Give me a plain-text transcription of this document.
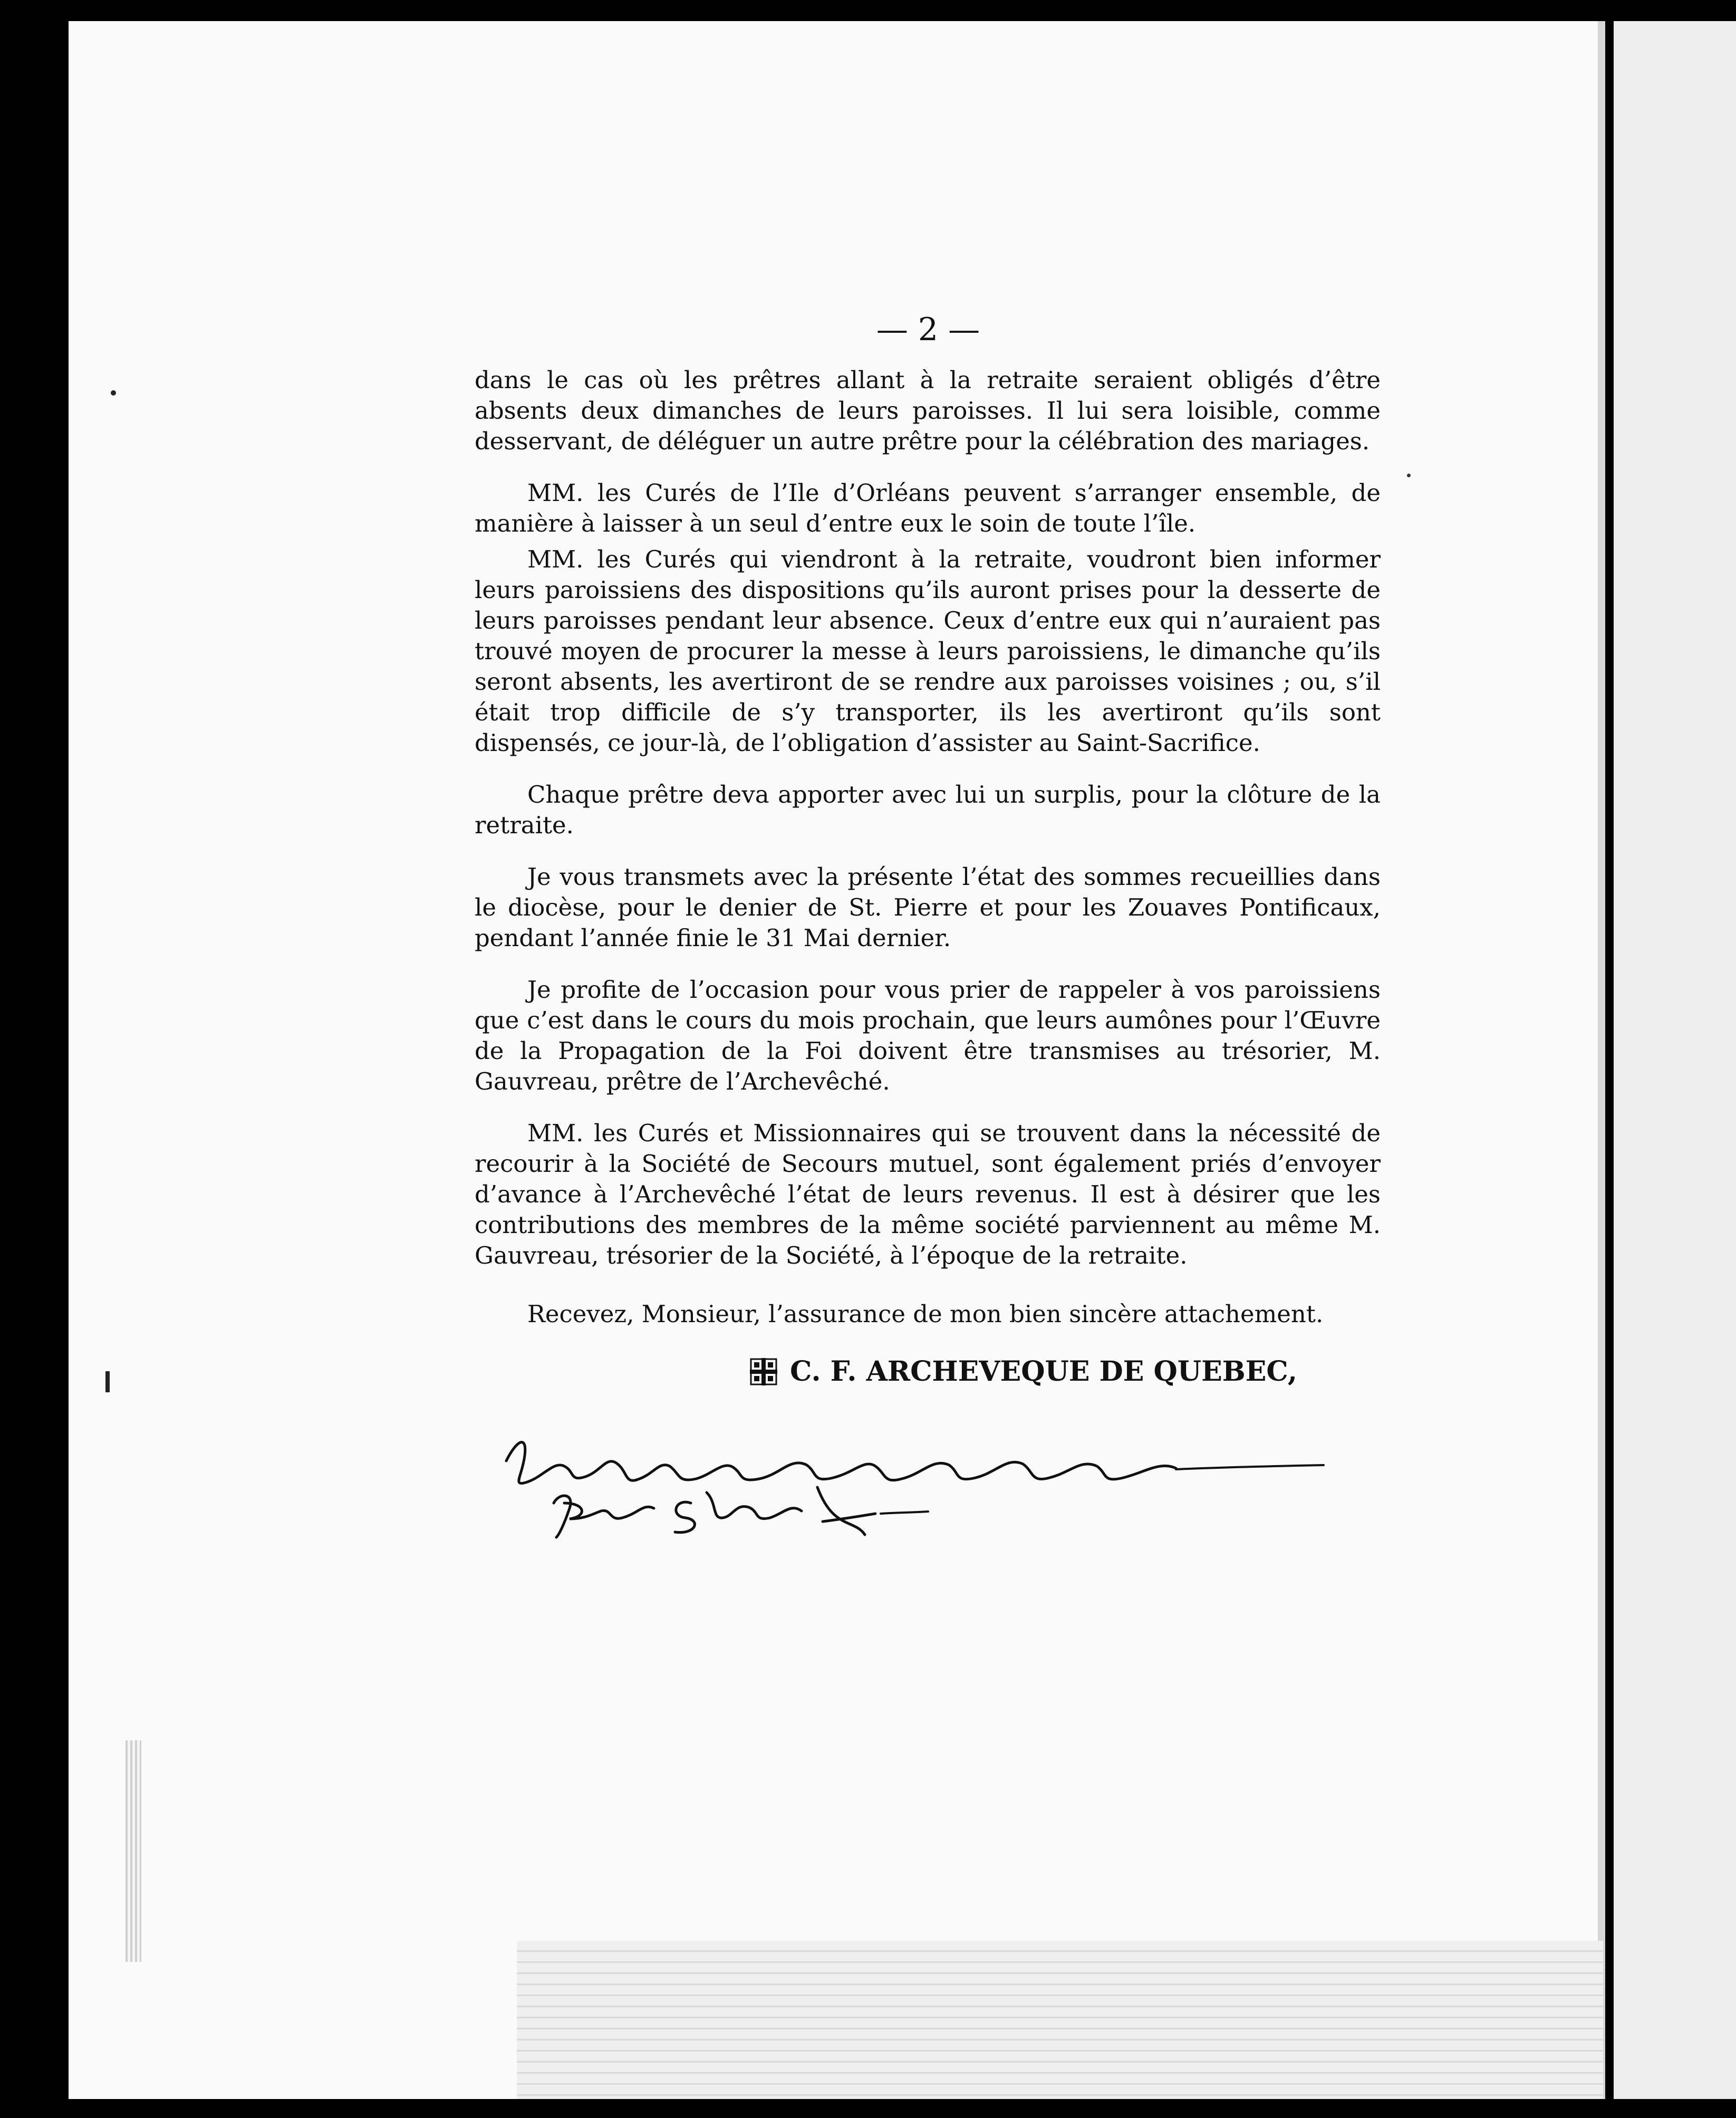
— 2 —

dans le cas où les prêtres allant à la retraite seraient obligés d’être absents deux dimanches de leurs paroisses. Il lui sera loisible, comme desservant, de déléguer un autre prêtre pour la célébration des mariages.

MM. les Curés de l’Ile d’Orléans peuvent s’arranger ensemble, de manière à laisser à un seul d’entre eux le soin de toute l’île.

MM. les Curés qui viendront à la retraite, voudront bien informer leurs paroissiens des dispositions qu’ils auront prises pour la desserte de leurs paroisses pendant leur absence. Ceux d’entre eux qui n’auraient pas trouvé moyen de procurer la messe à leurs paroissiens, le dimanche qu’ils seront absents, les avertiront de se rendre aux paroisses voisines ; ou, s’il était trop difficile de s’y transporter, ils les avertiront qu’ils sont dispensés, ce jour-là, de l’obligation d’assister au Saint-Sacrifice.

Chaque prêtre deva apporter avec lui un surplis, pour la clôture de la retraite.

Je vous transmets avec la présente l’état des sommes recueillies dans le diocèse, pour le denier de St. Pierre et pour les Zouaves Pontificaux, pendant l’année finie le 31 Mai dernier.

Je profite de l’occasion pour vous prier de rappeler à vos paroissiens que c’est dans le cours du mois prochain, que leurs aumônes pour l’Œuvre de la Propagation de la Foi doivent être transmises au trésorier, M. Gauvreau, prêtre de l’Archevêché.

MM. les Curés et Missionnaires qui se trouvent dans la nécessité de recourir à la Société de Secours mutuel, sont également priés d’envoyer d’avance à l’Archevêché l’état de leurs revenus. Il est à désirer que les contributions des membres de la même société parviennent au même M. Gauvreau, trésorier de la Société, à l’époque de la retraite.

Recevez, Monsieur, l’assurance de mon bien sincère attachement.
C. F. ARCHEVEQUE DE QUEBEC,
